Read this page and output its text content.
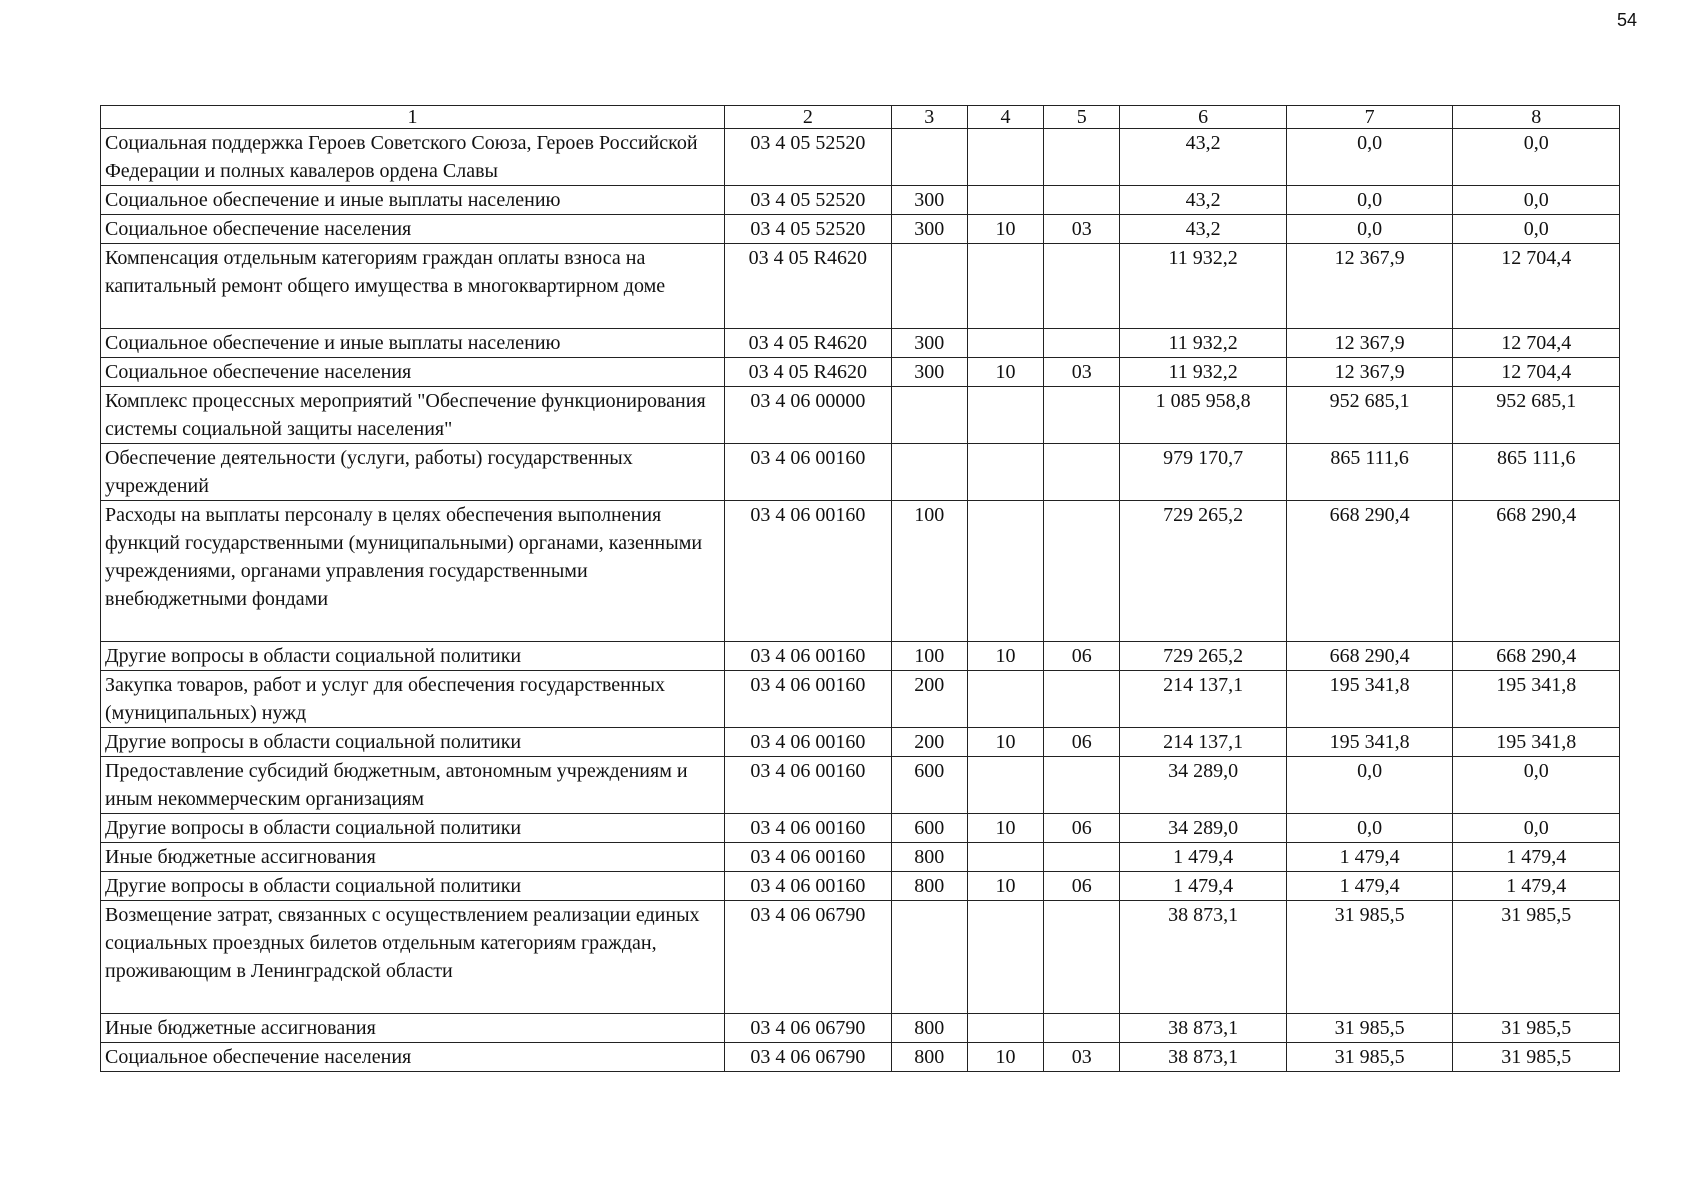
54
1	2	3	4	5	6	7	8
Социальная поддержка Героев Советского Союза, Героев Российской Федерации и полных кавалеров ордена Славы	03 4 05 52520				43,2	0,0	0,0
Социальное обеспечение и иные выплаты населению	03 4 05 52520	300			43,2	0,0	0,0
Социальное обеспечение населения	03 4 05 52520	300	10	03	43,2	0,0	0,0
Компенсация отдельным категориям граждан оплаты взноса на капитальный ремонт общего имущества в многоквартирном доме	03 4 05 R4620				11 932,2	12 367,9	12 704,4
Социальное обеспечение и иные выплаты населению	03 4 05 R4620	300			11 932,2	12 367,9	12 704,4
Социальное обеспечение населения	03 4 05 R4620	300	10	03	11 932,2	12 367,9	12 704,4
Комплекс процессных мероприятий "Обеспечение функционирования системы социальной защиты населения"	03 4 06 00000				1 085 958,8	952 685,1	952 685,1
Обеспечение деятельности (услуги, работы) государственных учреждений	03 4 06 00160				979 170,7	865 111,6	865 111,6
Расходы на выплаты персоналу в целях обеспечения выполнения функций государственными (муниципальными) органами, казенными учреждениями, органами управления государственными внебюджетными фондами	03 4 06 00160	100			729 265,2	668 290,4	668 290,4
Другие вопросы в области социальной политики	03 4 06 00160	100	10	06	729 265,2	668 290,4	668 290,4
Закупка товаров, работ и услуг для обеспечения государственных (муниципальных) нужд	03 4 06 00160	200			214 137,1	195 341,8	195 341,8
Другие вопросы в области социальной политики	03 4 06 00160	200	10	06	214 137,1	195 341,8	195 341,8
Предоставление субсидий бюджетным, автономным учреждениям и иным некоммерческим организациям	03 4 06 00160	600			34 289,0	0,0	0,0
Другие вопросы в области социальной политики	03 4 06 00160	600	10	06	34 289,0	0,0	0,0
Иные бюджетные ассигнования	03 4 06 00160	800			1 479,4	1 479,4	1 479,4
Другие вопросы в области социальной политики	03 4 06 00160	800	10	06	1 479,4	1 479,4	1 479,4
Возмещение затрат, связанных с осуществлением реализации единых социальных проездных билетов отдельным категориям граждан, проживающим в Ленинградской области	03 4 06 06790				38 873,1	31 985,5	31 985,5
Иные бюджетные ассигнования	03 4 06 06790	800			38 873,1	31 985,5	31 985,5
Социальное обеспечение населения	03 4 06 06790	800	10	03	38 873,1	31 985,5	31 985,5
